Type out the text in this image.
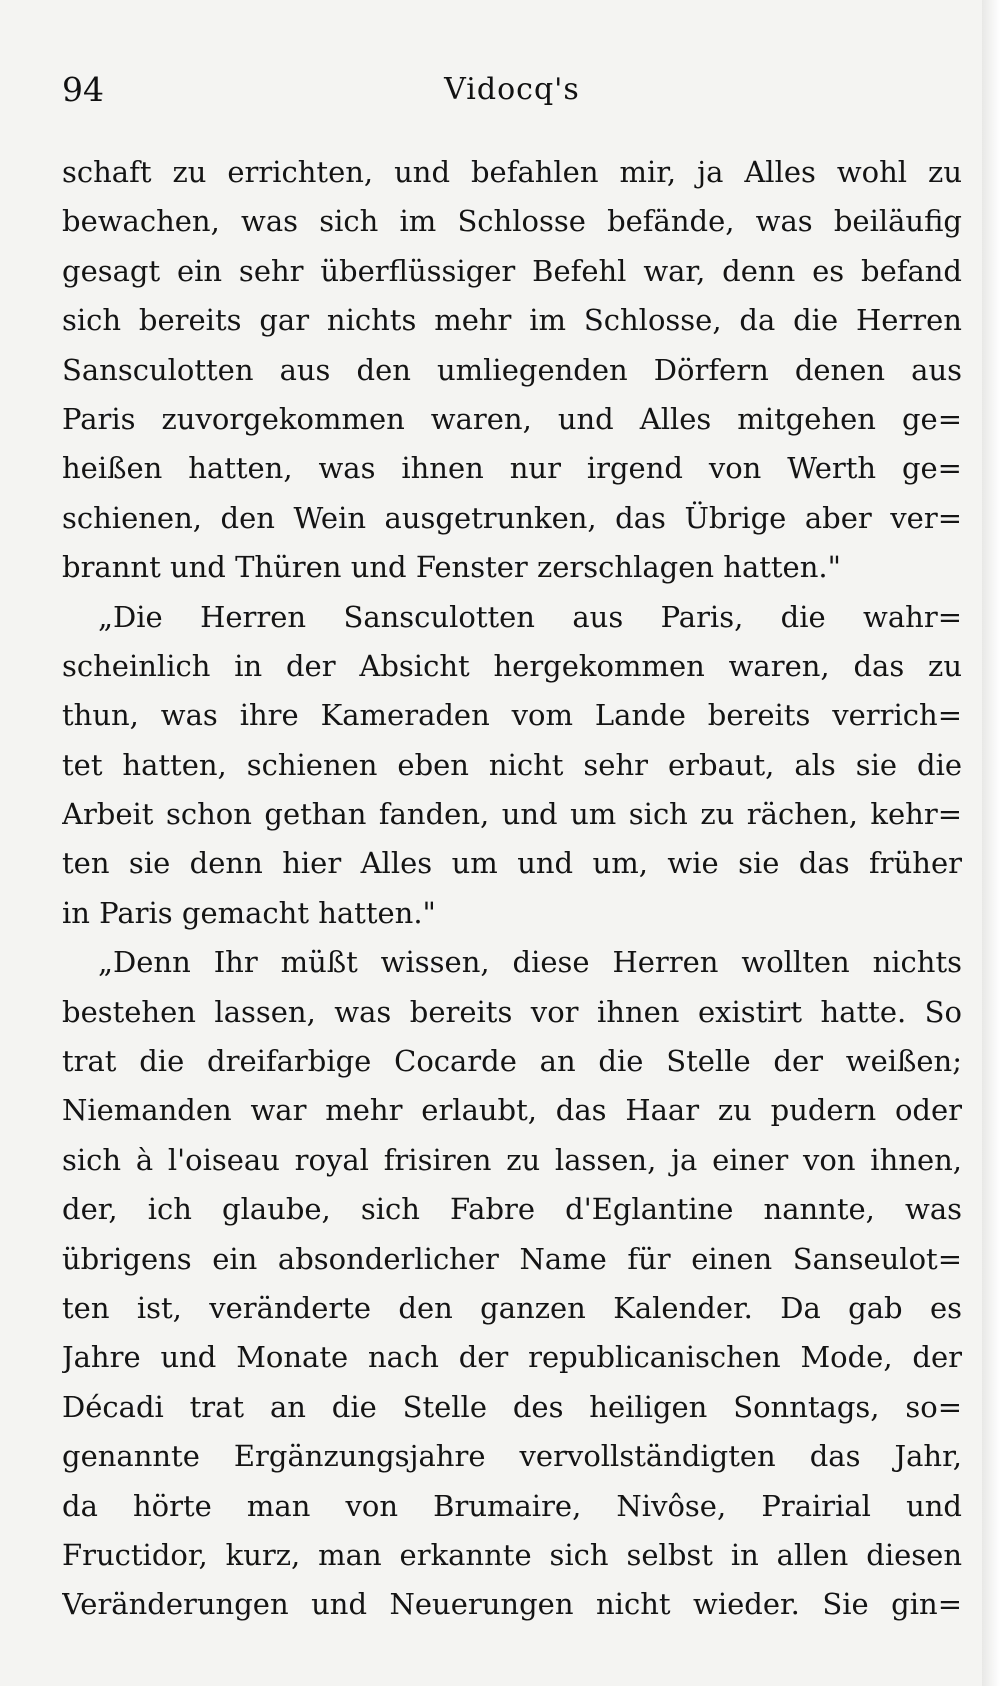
94	Vidocq's
schaft zu errichten, und befahlen mir, ja Alles wohl zu
bewachen, was sich im Schlosse befände, was beiläufig
gesagt ein sehr überflüssiger Befehl war, denn es befand
sich bereits gar nichts mehr im Schlosse, da die Herren
Sansculotten aus den umliegenden Dörfern denen aus
Paris zuvorgekommen waren, und Alles mitgehen ge=
heißen hatten, was ihnen nur irgend von Werth ge=
schienen, den Wein ausgetrunken, das Übrige aber ver=
brannt und Thüren und Fenster zerschlagen hatten."
„Die Herren Sansculotten aus Paris, die wahr=
scheinlich in der Absicht hergekommen waren, das zu
thun, was ihre Kameraden vom Lande bereits verrich=
tet hatten, schienen eben nicht sehr erbaut, als sie die
Arbeit schon gethan fanden, und um sich zu rächen, kehr=
ten sie denn hier Alles um und um, wie sie das früher
in Paris gemacht hatten."
„Denn Ihr müßt wissen, diese Herren wollten nichts
bestehen lassen, was bereits vor ihnen existirt hatte. So
trat die dreifarbige Cocarde an die Stelle der weißen;
Niemanden war mehr erlaubt, das Haar zu pudern oder
sich à l'oiseau royal frisiren zu lassen, ja einer von ihnen,
der, ich glaube, sich Fabre d'Eglantine nannte, was
übrigens ein absonderlicher Name für einen Sanseulot=
ten ist, veränderte den ganzen Kalender. Da gab es
Jahre und Monate nach der republicanischen Mode, der
Décadi trat an die Stelle des heiligen Sonntags, so=
genannte Ergänzungsjahre vervollständigten das Jahr,
da hörte man von Brumaire, Nivôse, Prairial und
Fructidor, kurz, man erkannte sich selbst in allen diesen
Veränderungen und Neuerungen nicht wieder. Sie gin=
